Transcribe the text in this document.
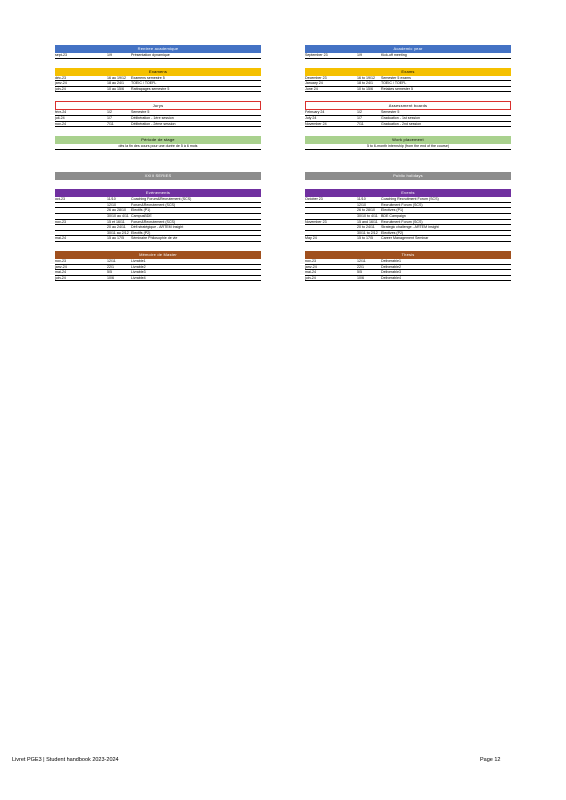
Rentree academique
sept-23	1/9	Présentation dynamique
Examens
déc-23	16 au 19/12	Examens semestre 5
janv-24	18 au 24/1	TOEIC / TOEFL
juin-24	10 au 15/6	Rattrapages semestre 5
Jurys
févr-24	1/2	Semestre 5
juil-24	1/7	Délibération - 1ère session
nov-24	7/11	Délibération - 2ème session
Période de stage
dès la fin des cours pour une durée de 5 à 6 mois
XXIII SERIES
Evènements
oct-23	11/10	Coaching Forum&Recrutement (SCS)
12/10	Forum&Recrutement (SCS)
26 au 28/10	Electifs (P1)
30/10 au 4/11 CampusBDE
nov-23	15 et 16/11	Forum&Recrutement (SCS)
20 au 24/11	Défi stratégique - ARTEM Insight
30/11 au 2/12 Electifs (P2)
mai-24	15 au 17/5	Séminaire Philosophie de vie
Mémoire de Master
nov-23	12/11	Livrable1
janv-24	22/1	Livrable2
mai-24	5/5	Livrable3
juin-24	10/6	Livrable4
Academic year
September 23	1/9	Kick-off meeting
Exams
December 23	16 to 19/12	Semester 5 exams
January 24	18 to 24/1	TOEIC / TOEFL
June 24	10 to 15/6	Retakes semester 5
Assessment boards
February 24	1/2	Semester 5
July 24	1/7	Graduation - 1st session
November 24	7/11	Graduation - 2nd session
Work placement
5 to 6-month internship (from the end of the course)
Public holidays
Events
October 23	11/10	Coaching Recruitment Forum (SCS)
12/10	Recruitment Forum (SCS)
26 to 28/10	Electives (P1)
30/10 to 4/11 BDE Campaign
November 23	15 and 16/11 Recruitment Forum (SCS)
20 to 24/11	Strategic challenge - ARTEM Insight
30/11 to 2/12 Electives (P2)
May 24	15 to 17/5	Career Management Seminar
Thesis
nov-23	12/11	Deliverable1
janv-24	22/1	Deliverable2
mai-24	5/5	Deliverable3
juin-24	10/6	Deliverable4
Livret PGE3 | Student handbook 2023-2024	Page 12
